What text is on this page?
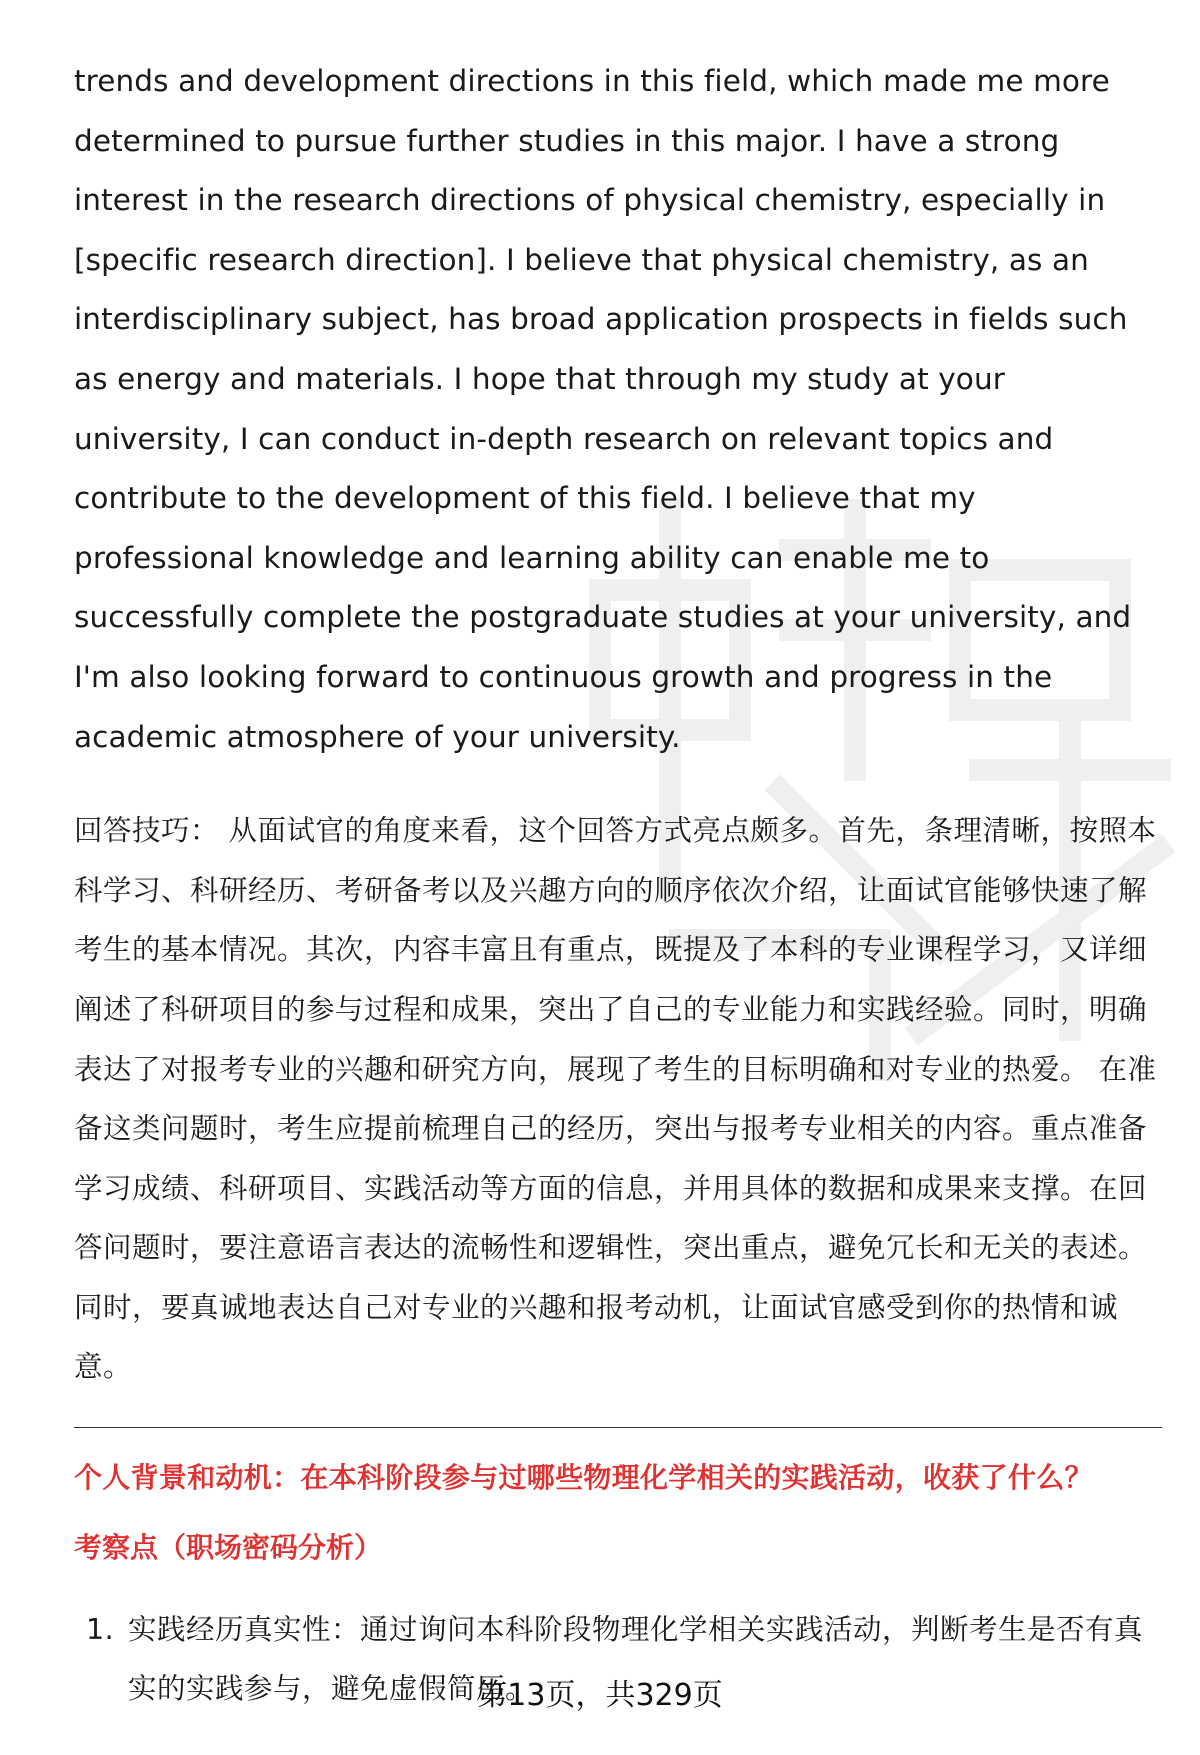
trends and development directions in this field, which made me more determined to pursue further studies in this major. I have a strong interest in the research directions of physical chemistry, especially in [specific research direction]. I believe that physical chemistry, as an interdisciplinary subject, has broad application prospects in fields such as energy and materials. I hope that through my study at your university, I can conduct in-depth research on relevant topics and contribute to the development of this field. I believe that my professional knowledge and learning ability can enable me to successfully complete the postgraduate studies at your university, and I'm also looking forward to continuous growth and progress in the academic atmosphere of your university.

回答技巧： 从面试官的角度来看，这个回答方式亮点颇多。首先，条理清晰，按照本科学习、科研经历、考研备考以及兴趣方向的顺序依次介绍，让面试官能够快速了解考生的基本情况。其次，内容丰富且有重点，既提及了本科的专业课程学习，又详细阐述了科研项目的参与过程和成果，突出了自己的专业能力和实践经验。同时，明确表达了对报考专业的兴趣和研究方向，展现了考生的目标明确和对专业的热爱。 在准备这类问题时，考生应提前梳理自己的经历，突出与报考专业相关的内容。重点准备学习成绩、科研项目、实践活动等方面的信息，并用具体的数据和成果来支撑。在回答问题时，要注意语言表达的流畅性和逻辑性，突出重点，避免冗长和无关的表述。同时，要真诚地表达自己对专业的兴趣和报考动机，让面试官感受到你的热情和诚意。
个人背景和动机：在本科阶段参与过哪些物理化学相关的实践活动，收获了什么？
考察点（职场密码分析）
1. 实践经历真实性：通过询问本科阶段物理化学相关实践活动，判断考生是否有真实的实践参与，避免虚假简历。
第13页，共329页
